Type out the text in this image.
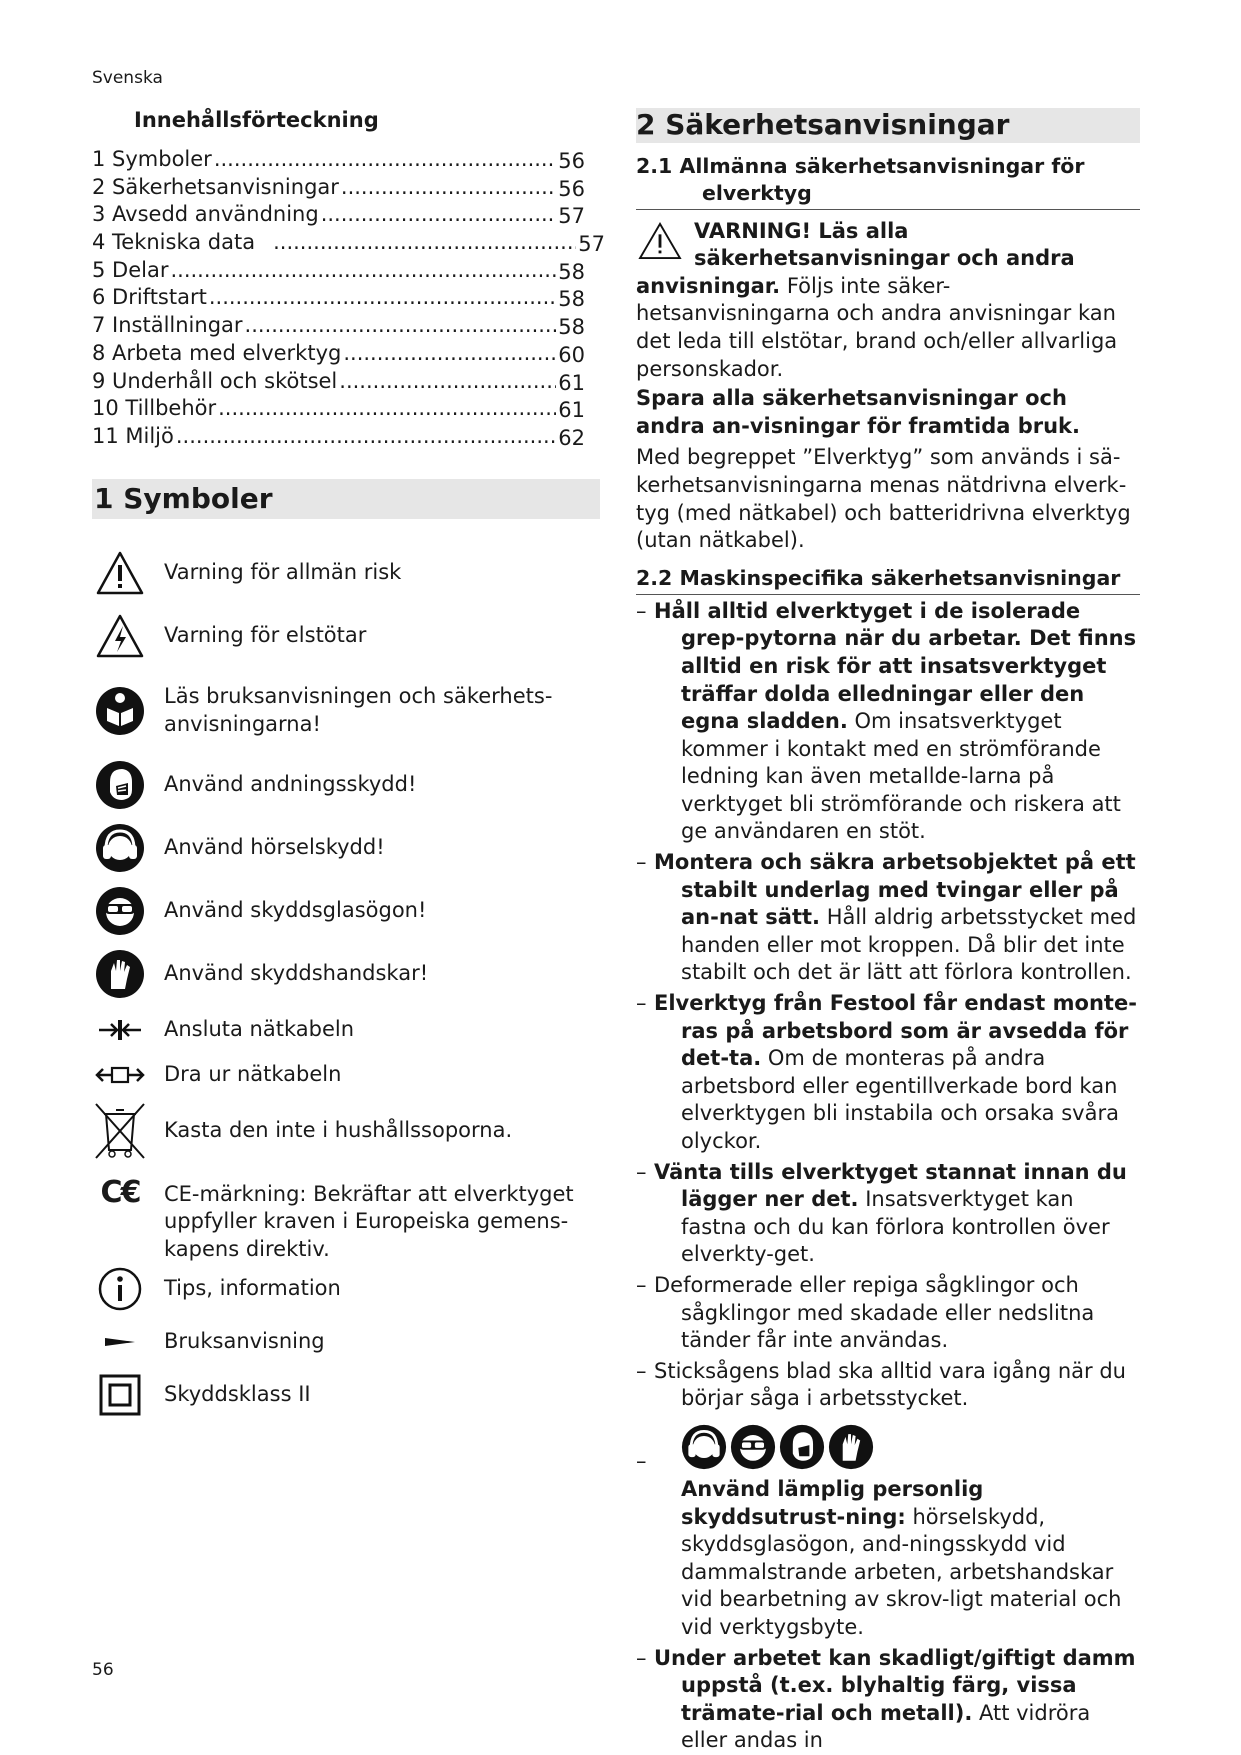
Svenska
Innehållsförteckning
1 Symboler .....	56
2 Säkerhetsanvisningar .....	56
3 Avsedd användning .....	57
4 Tekniska data .....	57
5 Delar .....	58
6 Driftstart .....	58
7 Inställningar .....	58
8 Arbeta med elverktyg .....	60
9 Underhåll och skötsel .....	61
10 Tillbehör .....	61
11 Miljö .....	62
1 Symboler
Varning för allmän risk
Varning för elstötar
Läs bruksanvisningen och säkerhets-anvisningarna!
Använd andningsskydd!
Använd hörselskydd!
Använd skyddsglasögon!
Använd skyddshandskar!
Ansluta nätkabeln
Dra ur nätkabeln
Kasta den inte i hushållssoporna.
C€	CE-märkning: Bekräftar att elverktyget uppfyller kraven i Europeiska gemens-kapens direktiv.
Tips, information
Bruksanvisning
Skyddsklass II
2 Säkerhetsanvisningar
2.1 Allmänna säkerhetsanvisningar för
elverktyg
VARNING! Läs alla säkerhetsanvisningar och andra anvisningar. Följs inte säker-hetsanvisningarna och andra anvisningar kan det leda till elstötar, brand och/eller allvarliga personskador.
Spara alla säkerhetsanvisningar och andra an-visningar för framtida bruk.
Med begreppet ”Elverktyg” som används i sä-kerhetsanvisningarna menas nätdrivna elverk-tyg (med nätkabel) och batteridrivna elverktyg (utan nätkabel).
2.2 Maskinspecifika säkerhetsanvisningar
– Håll alltid elverktyget i de isolerade grep-pytorna när du arbetar. Det finns alltid en risk för att insatsverktyget träffar dolda elledningar eller den egna sladden. Om insatsverktyget kommer i kontakt med en strömförande ledning kan även metallde-larna på verktyget bli strömförande och riskera att ge användaren en stöt.
– Montera och säkra arbetsobjektet på ett stabilt underlag med tvingar eller på an-nat sätt. Håll aldrig arbetsstycket med handen eller mot kroppen. Då blir det inte stabilt och det är lätt att förlora kontrollen.
– Elverktyg från Festool får endast monte-ras på arbetsbord som är avsedda för det-ta. Om de monteras på andra arbetsbord eller egentillverkade bord kan elverktygen bli instabila och orsaka svåra olyckor.
– Vänta tills elverktyget stannat innan du lägger ner det. Insatsverktyget kan fastna och du kan förlora kontrollen över elverkty-get.
– Deformerade eller repiga sågklingor och sågklingor med skadade eller nedslitna tänder får inte användas.
– Sticksågens blad ska alltid vara igång när du börjar såga i arbetsstycket.
–
Använd lämplig personlig skyddsutrust-ning: hörselskydd, skyddsglasögon, and-ningsskydd vid dammalstrande arbeten, arbetshandskar vid bearbetning av skrov-ligt material och vid verktygsbyte.
– Under arbetet kan skadligt/giftigt damm uppstå (t.ex. blyhaltig färg, vissa trämate-rial och metall). Att vidröra eller andas in
56
